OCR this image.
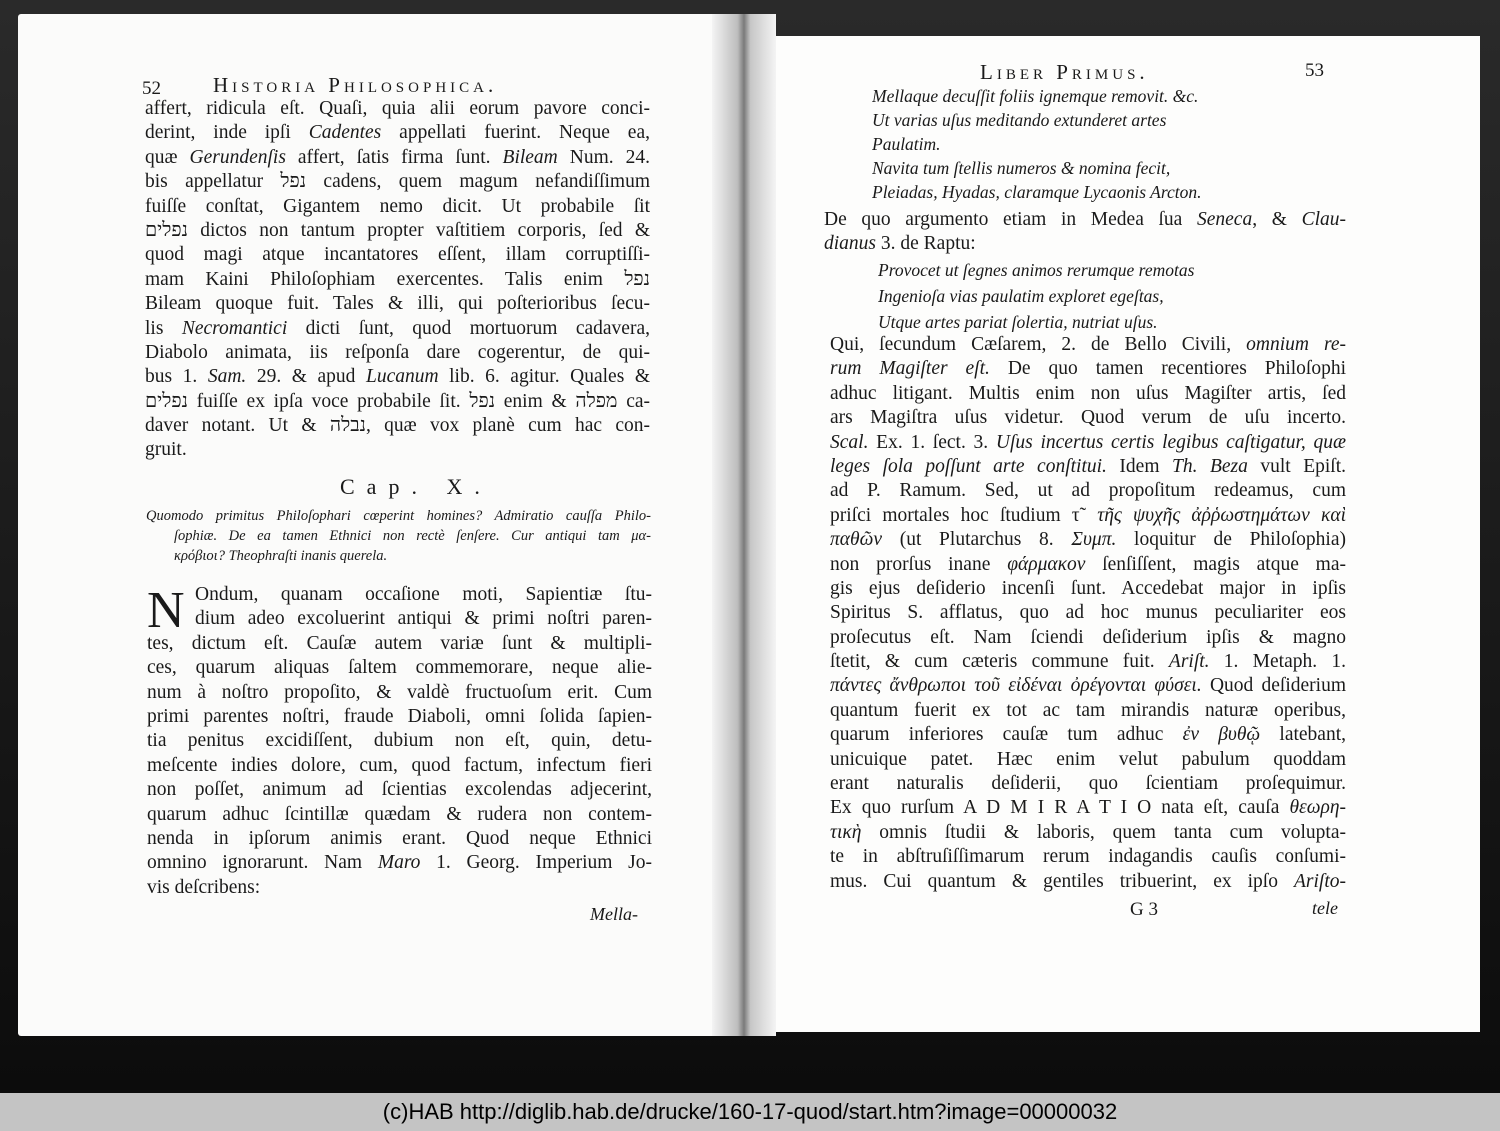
52 Historia Philosophica.
affert, ridicula eſt. Quaſi, quia alii eorum pavore conci-
derint, inde ipſi Cadentes appellati fuerint. Neque ea,
quæ Gerundenſis affert, ſatis firma ſunt. Bileam Num. 24.
bis appellatur נפל cadens, quem magum nefandiſſimum
fuiſſe conſtat, Gigantem nemo dicit. Ut probabile ſit
נפלים dictos non tantum propter vaſtitiem corporis, ſed &
quod magi atque incantatores eſſent, illam corruptiſſi-
mam Kaini Philoſophiam exercentes. Talis enim נפל
Bileam quoque fuit. Tales & illi, qui poſterioribus ſecu-
lis Necromantici dicti ſunt, quod mortuorum cadavera,
Diabolo animata, iis reſponſa dare cogerentur, de qui-
bus 1. Sam. 29. & apud Lucanum lib. 6. agitur. Quales &
נפלים fuiſſe ex ipſa voce probabile ſit. נפל enim & מפלה ca-
daver notant. Ut & נבלה, quæ vox planè cum hac con-
gruit.
Cap. X.
Quomodo primitus Philoſophari cœperint homines? Admiratio cauſſa Philo-
ſophiæ. De ea tamen Ethnici non rectè ſenſere. Cur antiqui tam μα-
κρόβιοι? Theophraſti inanis querela.
N Ondum, quanam occaſione moti, Sapientiæ ſtu-
dium adeo excoluerint antiqui & primi noſtri paren-
tes, dictum eſt. Cauſæ autem variæ ſunt & multipli-
ces, quarum aliquas ſaltem commemorare, neque alie-
num à noſtro propoſito, & valdè fructuoſum erit. Cum
primi parentes noſtri, fraude Diaboli, omni ſolida ſapien-
tia penitus excidiſſent, dubium non eſt, quin, detu-
meſcente indies dolore, cum, quod factum, infectum fieri
non poſſet, animum ad ſcientias excolendas adjecerint,
quarum adhuc ſcintillæ quædam & rudera non contem-
nenda in ipſorum animis erant. Quod neque Ethnici
omnino ignorarunt. Nam Maro 1. Georg. Imperium Jo-
vis deſcribens:
Mella-
Liber Primus.	53
Mellaque decuſſit foliis ignemque removit. &c.
Ut varias uſus meditando extunderet artes
Paulatim.
Navita tum ſtellis numeros & nomina fecit,
Pleiadas, Hyadas, claramque Lycaonis Arcton.
De quo argumento etiam in Medea ſua Seneca, & Clau-
dianus 3. de Raptu:
Provocet ut ſegnes animos rerumque remotas
Ingenioſa vias paulatim exploret egeſtas,
Utque artes pariat ſolertia, nutriat uſus.
Qui, ſecundum Cæſarem, 2. de Bello Civili, omnium re-
rum Magiſter eſt. De quo tamen recentiores Philoſophi
adhuc litigant. Multis enim non uſus Magiſter artis, ſed
ars Magiſtra uſus videtur. Quod verum de uſu incerto.
Scal. Ex. 1. ſect. 3. Uſus incertus certis legibus caſtigatur, quæ
leges ſola poſſunt arte conſtitui. Idem Th. Beza vult Epiſt.
ad P. Ramum. Sed, ut ad propoſitum redeamus, cum
priſci mortales hoc ſtudium τ῀ τῆς ψυχῆς ἀῤῥωστημάτων καὶ
παθῶν (ut Plutarchus 8. Συμπ. loquitur de Philoſophia)
non prorſus inane φάρμακον ſenſiſſent, magis atque ma-
gis ejus deſiderio incenſi ſunt. Accedebat major in ipſis
Spiritus S. afflatus, quo ad hoc munus peculiariter eos
proſecutus eſt. Nam ſciendi deſiderium ipſis & magno
ſtetit, & cum cæteris commune fuit. Ariſt. 1. Metaph. 1.
πάντες ἄνθρωποι τοῦ εἰδέναι ὀρέγονται φύσει. Quod deſiderium
quantum fuerit ex tot ac tam mirandis naturæ operibus,
quarum inferiores cauſæ tum adhuc ἐν βυθῷ latebant,
unicuique patet. Hæc enim velut pabulum quoddam
erant naturalis deſiderii, quo ſcientiam proſequimur.
Ex quo rurſum A D M I R A T I O nata eſt, cauſa θεωρη-
τικὴ omnis ſtudii & laboris, quem tanta cum volupta-
te in abſtruſiſſimarum rerum indagandis cauſis conſumi-
mus. Cui quantum & gentiles tribuerint, ex ipſo Ariſto-
G 3	tele
(c)HAB http://diglib.hab.de/drucke/160-17-quod/start.htm?image=00000032
